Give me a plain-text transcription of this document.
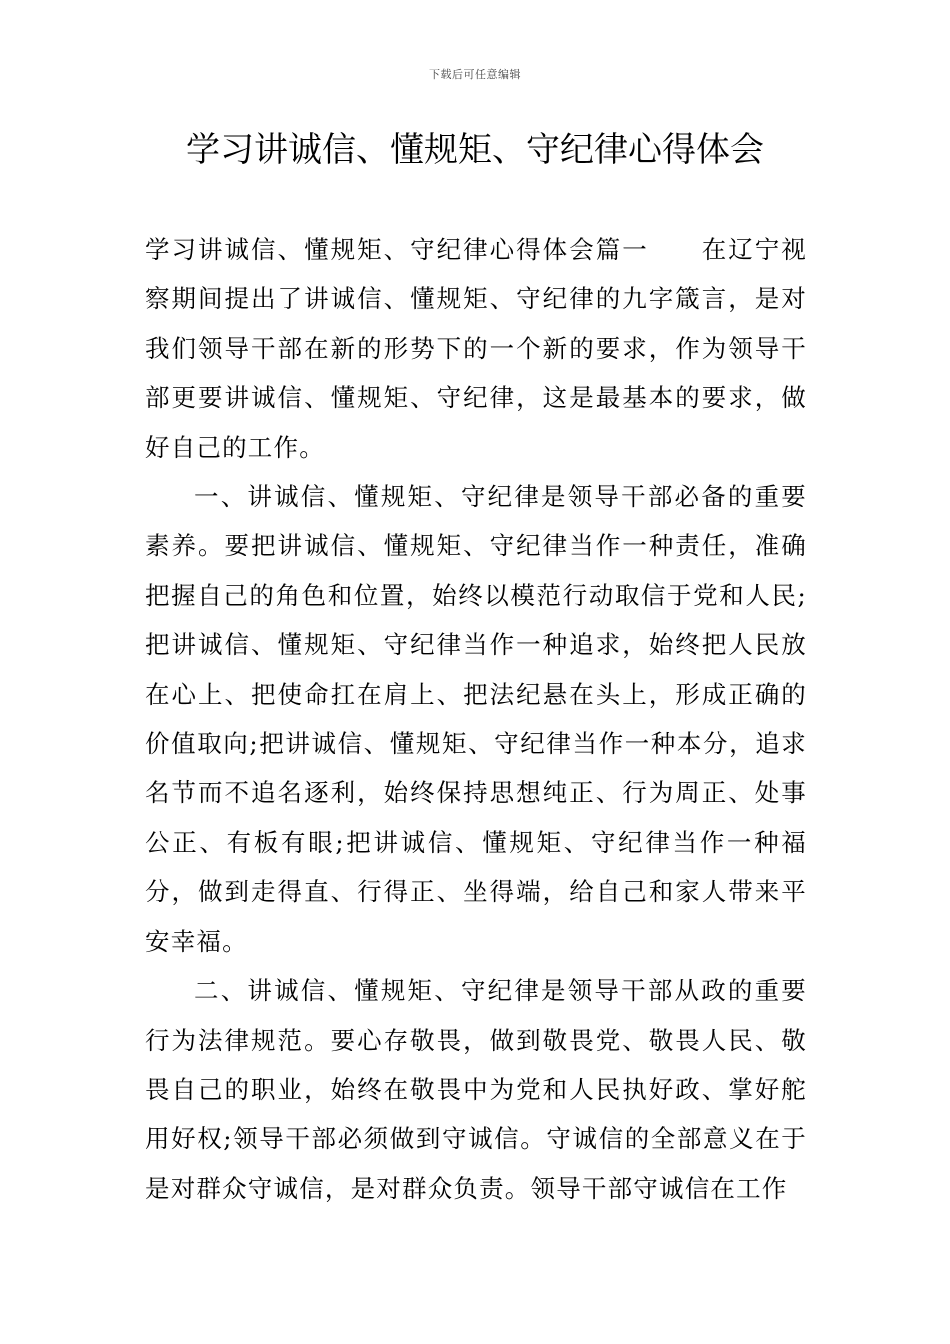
下载后可任意编辑
学习讲诚信、懂规矩、守纪律心得体会

学习讲诚信、懂规矩、守纪律心得体会篇一　　在辽宁视察期间提出了讲诚信、懂规矩、守纪律的九字箴言，是对我们领导干部在新的形势下的一个新的要求，作为领导干部更要讲诚信、懂规矩、守纪律，这是最基本的要求，做好自己的工作。

一、讲诚信、懂规矩、守纪律是领导干部必备的重要素养。要把讲诚信、懂规矩、守纪律当作一种责任，准确把握自己的角色和位置，始终以模范行动取信于党和人民;把讲诚信、懂规矩、守纪律当作一种追求，始终把人民放在心上、把使命扛在肩上、把法纪悬在头上，形成正确的价值取向;把讲诚信、懂规矩、守纪律当作一种本分，追求名节而不追名逐利，始终保持思想纯正、行为周正、处事公正、有板有眼;把讲诚信、懂规矩、守纪律当作一种福分，做到走得直、行得正、坐得端，给自己和家人带来平安幸福。

二、讲诚信、懂规矩、守纪律是领导干部从政的重要行为法律规范。要心存敬畏，做到敬畏党、敬畏人民、敬畏自己的职业，始终在敬畏中为党和人民执好政、掌好舵用好权;领导干部必须做到守诚信。守诚信的全部意义在于是对群众守诚信，是对群众负责。领导干部守诚信在工作
